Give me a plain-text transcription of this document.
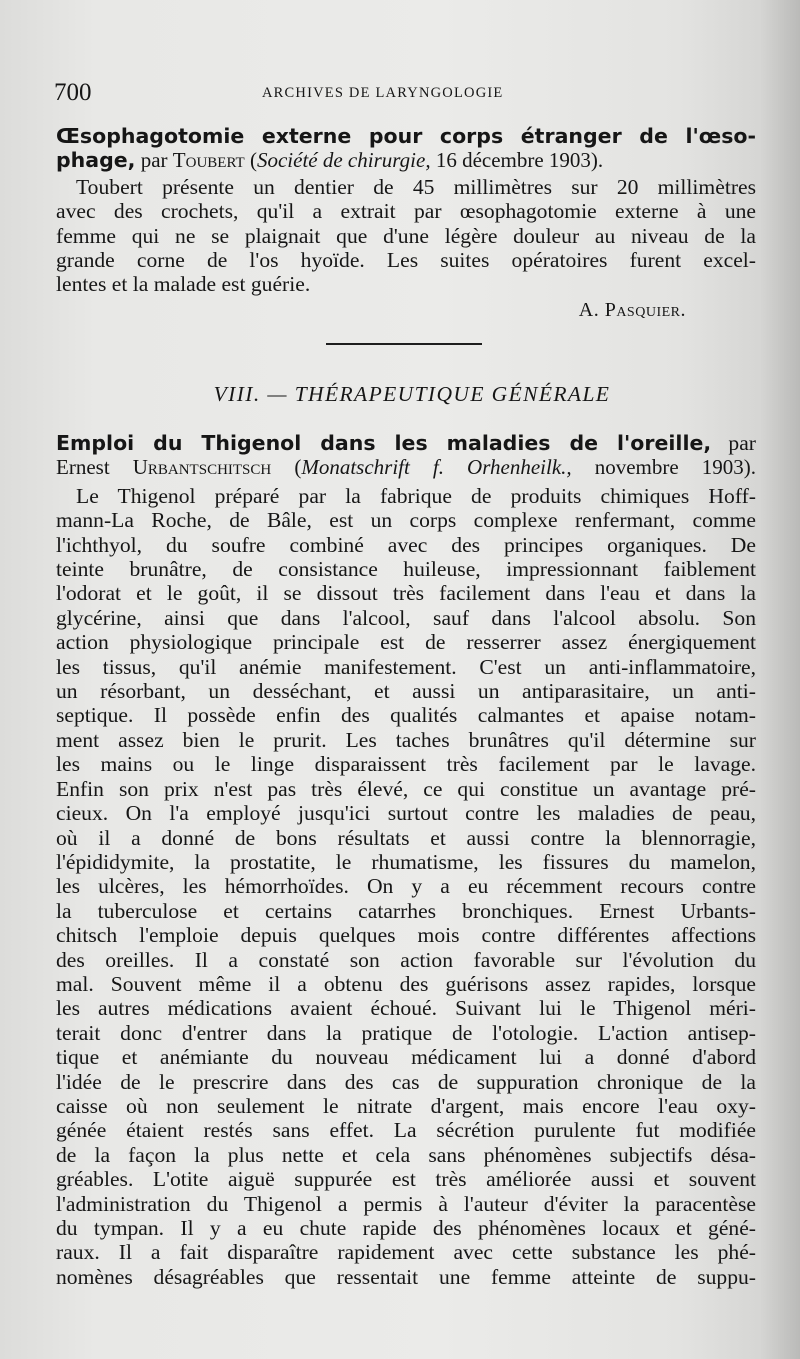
700	ARCHIVES DE LARYNGOLOGIE

Œsophagotomie externe pour corps étranger de l'œso-

phage, par Toubert (Société de chirurgie, 16 décembre 1903).

Toubert présente un dentier de 45 millimètres sur 20 millimètres

avec des crochets, qu'il a extrait par œsophagotomie externe à une

femme qui ne se plaignait que d'une légère douleur au niveau de la

grande corne de l'os hyoïde. Les suites opératoires furent excel-

lentes et la malade est guérie.

A. Pasquier.
VIII. — THÉRAPEUTIQUE GÉNÉRALE

Emploi du Thigenol dans les maladies de l'oreille, par

Ernest Urbantschitsch (Monatschrift f. Orhenheilk., novembre 1903).

Le Thigenol préparé par la fabrique de produits chimiques Hoff-

mann-La Roche, de Bâle, est un corps complexe renfermant, comme

l'ichthyol, du soufre combiné avec des principes organiques. De

teinte brunâtre, de consistance huileuse, impressionnant faiblement

l'odorat et le goût, il se dissout très facilement dans l'eau et dans la

glycérine, ainsi que dans l'alcool, sauf dans l'alcool absolu. Son

action physiologique principale est de resserrer assez énergiquement

les tissus, qu'il anémie manifestement. C'est un anti-inflammatoire,

un résorbant, un desséchant, et aussi un antiparasitaire, un anti-

septique. Il possède enfin des qualités calmantes et apaise notam-

ment assez bien le prurit. Les taches brunâtres qu'il détermine sur

les mains ou le linge disparaissent très facilement par le lavage.

Enfin son prix n'est pas très élevé, ce qui constitue un avantage pré-

cieux. On l'a employé jusqu'ici surtout contre les maladies de peau,

où il a donné de bons résultats et aussi contre la blennorragie,

l'épididymite, la prostatite, le rhumatisme, les fissures du mamelon,

les ulcères, les hémorrhoïdes. On y a eu récemment recours contre

la tuberculose et certains catarrhes bronchiques. Ernest Urbants-

chitsch l'emploie depuis quelques mois contre différentes affections

des oreilles. Il a constaté son action favorable sur l'évolution du

mal. Souvent même il a obtenu des guérisons assez rapides, lorsque

les autres médications avaient échoué. Suivant lui le Thigenol méri-

terait donc d'entrer dans la pratique de l'otologie. L'action antisep-

tique et anémiante du nouveau médicament lui a donné d'abord

l'idée de le prescrire dans des cas de suppuration chronique de la

caisse où non seulement le nitrate d'argent, mais encore l'eau oxy-

génée étaient restés sans effet. La sécrétion purulente fut modifiée

de la façon la plus nette et cela sans phénomènes subjectifs désa-

gréables. L'otite aiguë suppurée est très améliorée aussi et souvent

l'administration du Thigenol a permis à l'auteur d'éviter la paracentèse

du tympan. Il y a eu chute rapide des phénomènes locaux et géné-

raux. Il a fait disparaître rapidement avec cette substance les phé-

nomènes désagréables que ressentait une femme atteinte de suppu-
